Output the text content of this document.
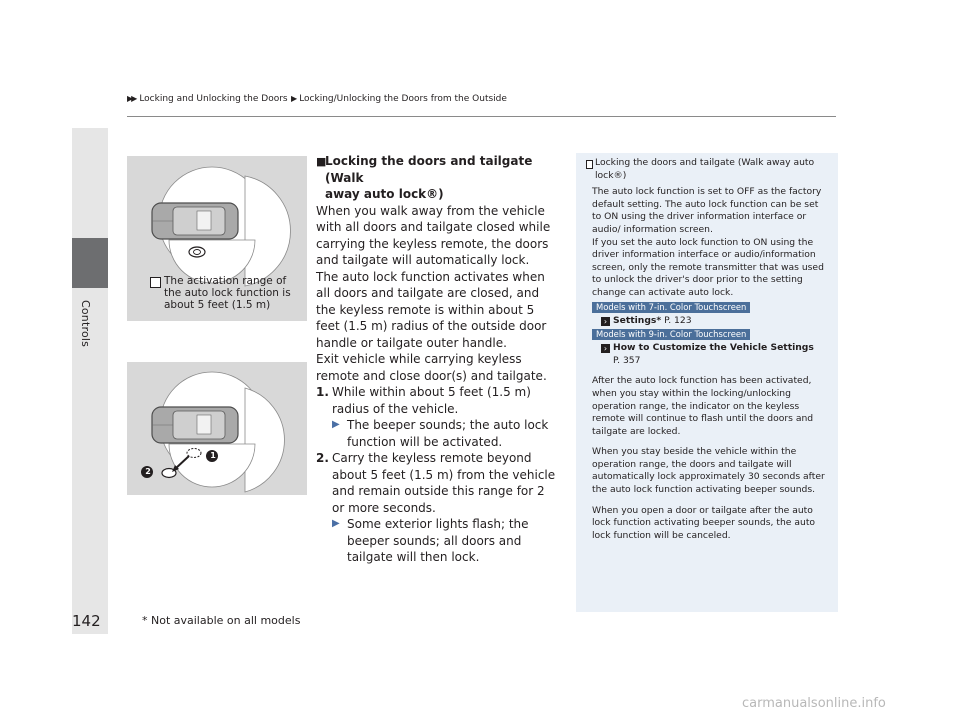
Controls
142
▶▶ Locking and Unlocking the Doors  ▶ Locking/Unlocking the Doors from the Outside
The activation range of
the auto lock function is
about 5 feet (1.5 m)
1
2

■
Locking the doors and tailgate (Walk
away auto lock®)

When you walk away from the vehicle with all doors and tailgate closed while carrying the keyless remote, the doors and tailgate will automatically lock.

The auto lock function activates when all doors and tailgate are closed, and the keyless remote is within about 5 feet (1.5 m) radius of the outside door handle or tailgate outer handle.

Exit vehicle while carrying keyless remote and close door(s) and tailgate.

1. While within about 5 feet (1.5 m) radius of the vehicle.

▶ The beeper sounds; the auto lock function will be activated.

2. Carry the keyless remote beyond about 5 feet (1.5 m) from the vehicle and remain outside this range for 2 or more seconds.

▶ Some exterior lights flash; the beeper sounds; all doors and tailgate will then lock.

Locking the doors and tailgate (Walk away auto lock®)

The auto lock function is set to OFF as the factory default setting. The auto lock function can be set to ON using the driver information interface or audio/ information screen.

If you set the auto lock function to ON using the driver information interface or audio/information screen, only the remote transmitter that was used to unlock the driver's door prior to the setting change can activate auto lock.

Models with 7-in. Color Touchscreen
› Settings* P. 123
Models with 9-in. Color Touchscreen
› How to Customize the Vehicle Settings
P. 357

After the auto lock function has been activated, when you stay within the locking/unlocking operation range, the indicator on the keyless remote will continue to flash until the doors and tailgate are locked.

When you stay beside the vehicle within the operation range, the doors and tailgate will automatically lock approximately 30 seconds after the auto lock function activating beeper sounds.

When you open a door or tailgate after the auto lock function activating beeper sounds, the auto lock function will be canceled.

* Not available on all models
carmanualsonline.info
